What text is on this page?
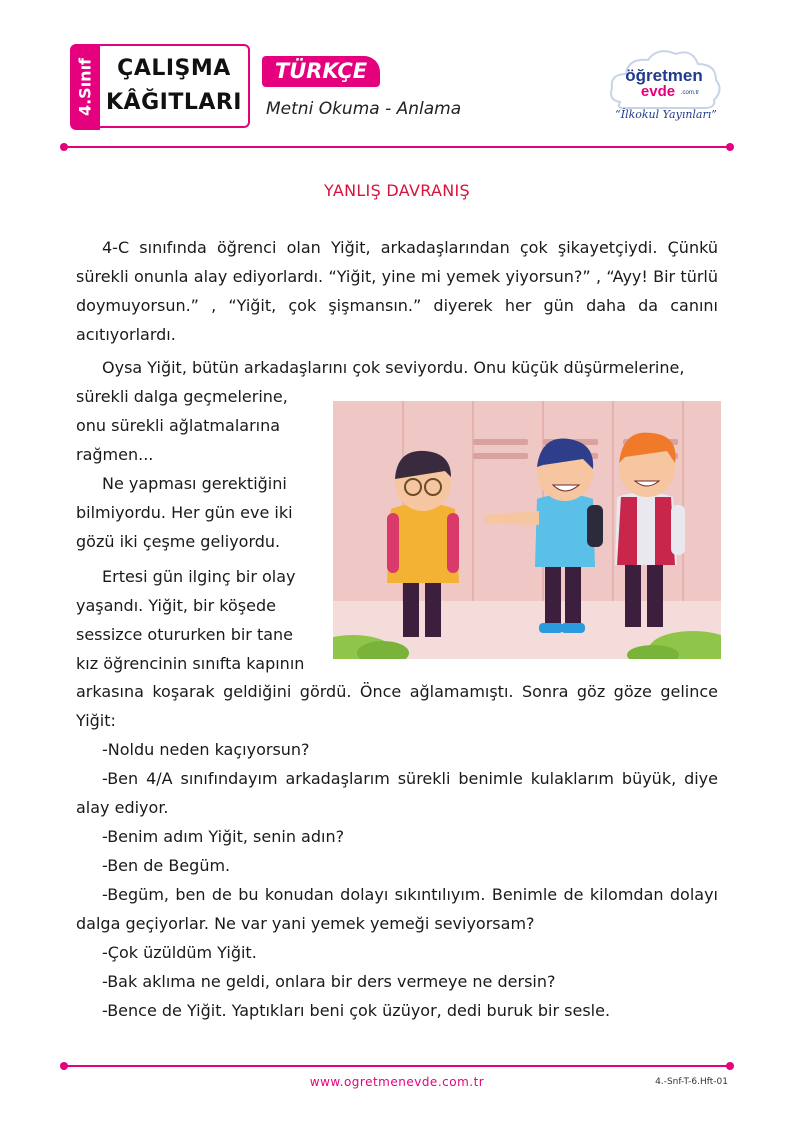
4.Sınıf	ÇALIŞMA
KÂĞITLARI
TÜRKÇE
Metni Okuma - Anlama
öğretmen
evde .com.tr
“İlkokul Yayınları”
YANLIŞ DAVRANIŞ
4-C sınıfında öğrenci olan Yiğit, arkadaşlarından çok şikayetçiydi. Çünkü sürekli onunla alay ediyorlardı. “Yiğit, yine mi yemek yiyorsun?” , “Ayy! Bir türlü doymuyorsun.” , “Yiğit, çok şişmansın.” diyerek her gün daha da canını acıtıyorlardı.
Oysa Yiğit, bütün arkadaşlarını çok seviyordu. Onu küçük düşürmelerine,
sürekli dalga geçmelerine, onu sürekli ağlatmalarına rağmen...
Ne yapması gerektiğini bilmiyordu. Her gün eve iki gözü iki çeşme geliyordu.
Ertesi gün ilginç bir olay yaşandı. Yiğit, bir köşede sessizce otururken bir tane kız öğrencinin sınıfta kapının
arkasına koşarak geldiğini gördü. Önce ağlamamıştı. Sonra göz göze gelince Yiğit:
-Noldu neden kaçıyorsun?
-Ben 4/A sınıfındayım arkadaşlarım sürekli benimle kulaklarım büyük, diye alay ediyor.
-Benim adım Yiğit, senin adın?
-Ben de Begüm.
-Begüm, ben de bu konudan dolayı sıkıntılıyım. Benimle de kilomdan dolayı dalga geçiyorlar. Ne var yani yemek yemeği seviyorsam?
-Çok üzüldüm Yiğit.
-Bak aklıma ne geldi, onlara bir ders vermeye ne dersin?
-Bence de Yiğit. Yaptıkları beni çok üzüyor, dedi buruk bir sesle.
www.ogretmenevde.com.tr	4.-Snf-T-6.Hft-01
